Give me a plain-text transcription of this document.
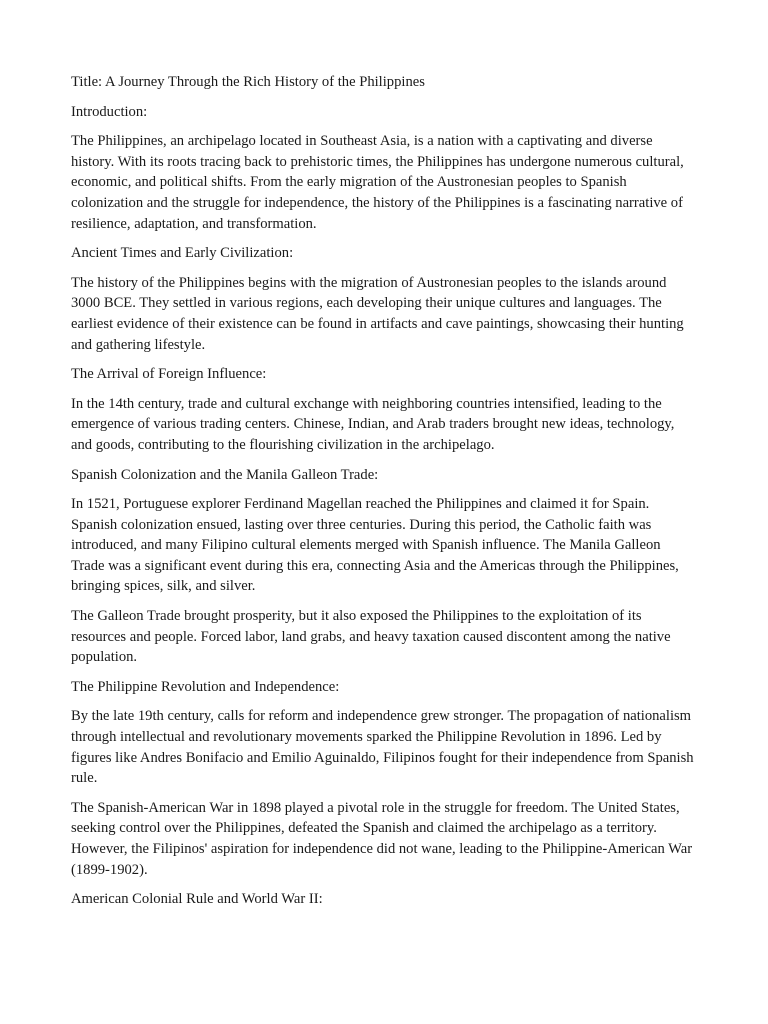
Title: A Journey Through the Rich History of the Philippines

Introduction:

The Philippines, an archipelago located in Southeast Asia, is a nation with a captivating and diverse history. With its roots tracing back to prehistoric times, the Philippines has undergone numerous cultural, economic, and political shifts. From the early migration of the Austronesian peoples to Spanish colonization and the struggle for independence, the history of the Philippines is a fascinating narrative of resilience, adaptation, and transformation.

Ancient Times and Early Civilization:

The history of the Philippines begins with the migration of Austronesian peoples to the islands around 3000 BCE. They settled in various regions, each developing their unique cultures and languages. The earliest evidence of their existence can be found in artifacts and cave paintings, showcasing their hunting and gathering lifestyle.

The Arrival of Foreign Influence:

In the 14th century, trade and cultural exchange with neighboring countries intensified, leading to the emergence of various trading centers. Chinese, Indian, and Arab traders brought new ideas, technology, and goods, contributing to the flourishing civilization in the archipelago.

Spanish Colonization and the Manila Galleon Trade:

In 1521, Portuguese explorer Ferdinand Magellan reached the Philippines and claimed it for Spain. Spanish colonization ensued, lasting over three centuries. During this period, the Catholic faith was introduced, and many Filipino cultural elements merged with Spanish influence. The Manila Galleon Trade was a significant event during this era, connecting Asia and the Americas through the Philippines, bringing spices, silk, and silver.

The Galleon Trade brought prosperity, but it also exposed the Philippines to the exploitation of its resources and people. Forced labor, land grabs, and heavy taxation caused discontent among the native population.

The Philippine Revolution and Independence:

By the late 19th century, calls for reform and independence grew stronger. The propagation of nationalism through intellectual and revolutionary movements sparked the Philippine Revolution in 1896. Led by figures like Andres Bonifacio and Emilio Aguinaldo, Filipinos fought for their independence from Spanish rule.

The Spanish-American War in 1898 played a pivotal role in the struggle for freedom. The United States, seeking control over the Philippines, defeated the Spanish and claimed the archipelago as a territory. However, the Filipinos' aspiration for independence did not wane, leading to the Philippine-American War (1899-1902).

American Colonial Rule and World War II:
